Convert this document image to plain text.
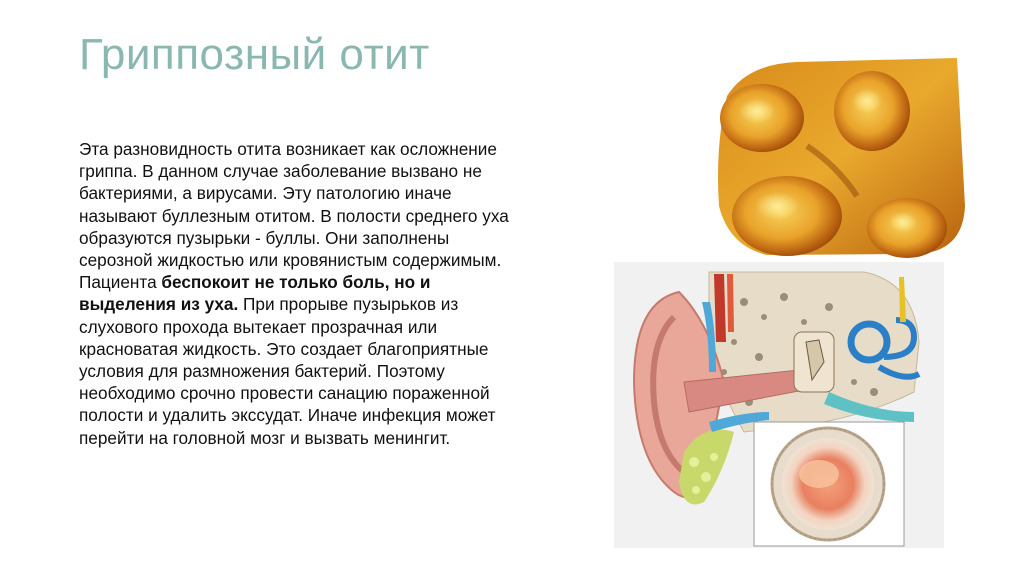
Гриппозный отит

Эта разновидность отита возникает как осложнение гриппа. В данном случае заболевание вызвано не бактериями, а вирусами. Эту патологию иначе называют буллезным отитом. В полости среднего уха образуются пузырьки - буллы. Они заполнены серозной жидкостью или кровянистым содержимым. Пациента беспокоит не только боль, но и выделения из уха. При прорыве пузырьков из слухового прохода вытекает прозрачная или красноватая жидкость. Это создает благоприятные условия для размножения бактерий. Поэтому необходимо срочно провести санацию пораженной полости и удалить экссудат. Иначе инфекция может перейти на головной мозг и вызвать менингит.
